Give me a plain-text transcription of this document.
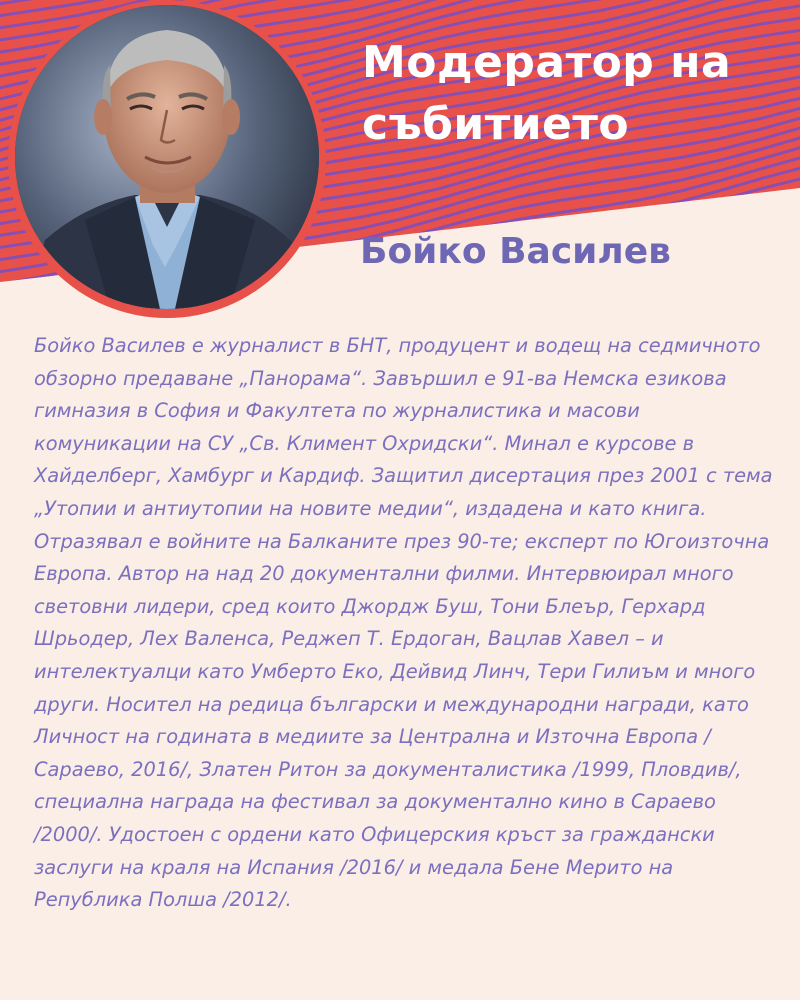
Модератор на събитието
Бойко Василев

Бойко Василев е журналист в БНТ, продуцент и водещ на седмичното обзорно предаване „Панорама“. Завършил е 91-ва Немска езикова гимназия в София и Факултета по журналистика и масови комуникации на СУ „Св. Климент Охридски“. Минал е курсове в Хайделберг, Хамбург и Кардиф. Защитил дисертация през 2001 с тема „Утопии и антиутопии на новите медии“, издадена и като книга.

Отразявал е войните на Балканите през 90-те; експерт по Югоизточна Европа. Автор на над 20 документални филми. Интервюирал много световни лидери, сред които Джордж Буш, Тони Блеър, Герхард Шрьодер, Лех Валенса, Реджеп Т. Ердоган, Вацлав Хавел – и интелектуалци като Умберто Еко, Дейвид Линч, Тери Гилиъм и много други. Носител на редица български и международни награди, като Личност на годината в медиите за Централна и Източна Европа /Сараево, 2016/, Златен Ритон за документалистика /1999, Пловдив/, специална награда на фестивал за документално кино в Сараево /2000/. Удостоен с ордени като Офицерския кръст за граждански заслуги на краля на Испания /2016/ и медала Бене Мерито на Република Полша /2012/.
